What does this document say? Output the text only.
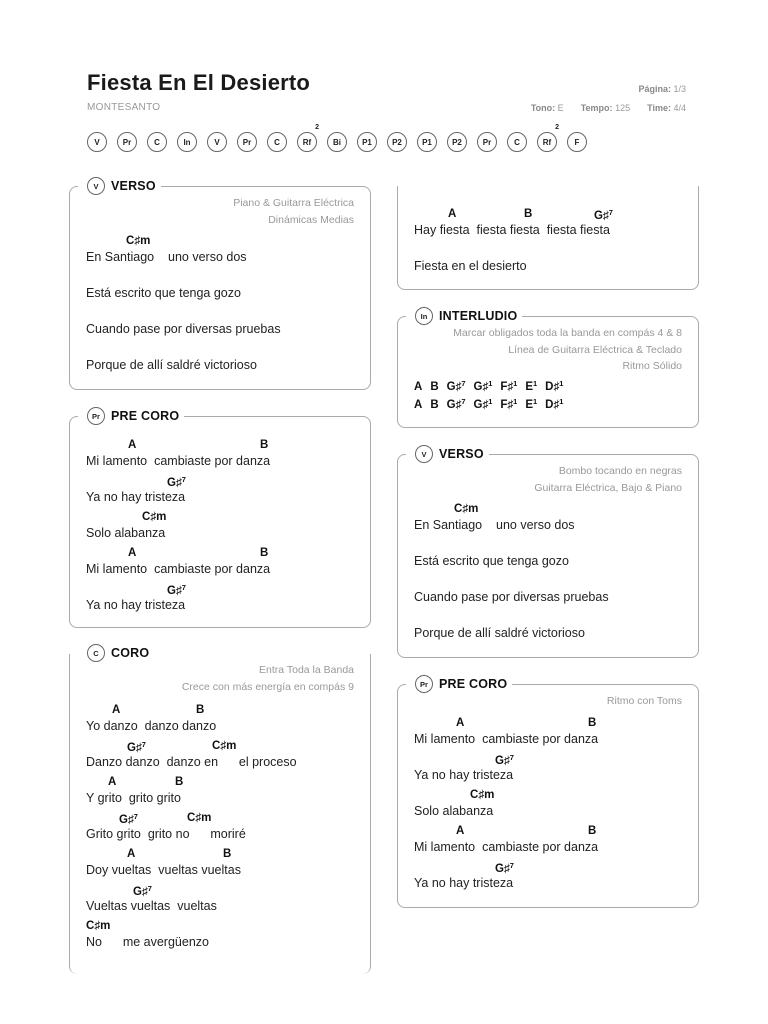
Fiesta En El Desierto
MONTESANTO
Página: 1/3
Tono: E Tempo: 125 Time: 4/4
V	Pr	C	In	V	Pr	C	Rf
2
Bi	P1	P2	P1	P2	Pr	C	Rf
2
F
V	VERSO
Piano & Guitarra Eléctrica
Dinámicas Medias
C♯m
En Santiago    uno verso dos
Está escrito que tenga gozo
Cuando pase por diversas pruebas
Porque de allí saldré victorioso
Pr PRE CORO
A	B
Mi lamento  cambiaste por danza
G♯$^7$
Ya no hay tristeza
C♯m
Solo alabanza
A	B
Mi lamento  cambiaste por danza
G♯$^7$
Ya no hay tristeza
C CORO
Entra Toda la Banda
Crece con más energía en compás 9
A	B
Yo danzo  danzo danzo
G♯$^7$	C♯m
Danzo danzo  danzo en      el proceso
A	B
Y grito  grito grito
G♯$^7$	C♯m
Grito grito  grito no      moriré
A	B
Doy vueltas  vueltas vueltas
G♯$^7$
Vueltas vueltas  vueltas
C♯m
No      me avergüenzo
A	B	G♯$^7$
Hay fiesta  fiesta fiesta  fiesta fiesta
Fiesta en el desierto
In INTERLUDIO
Marcar obligados toda la banda en compás 4 & 8
Línea de Guitarra Eléctrica & Teclado
Ritmo Sólido
A B G♯$^7$ G♯$^1$ F♯$^1$ $E^1$ D♯$^1$
A B G♯$^7$ G♯$^1$ F♯$^1$ $E^1$ D♯$^1$
V	VERSO
Bombo tocando en negras
Guitarra Eléctrica, Bajo & Piano
C♯m
En Santiago    uno verso dos
Está escrito que tenga gozo
Cuando pase por diversas pruebas
Porque de allí saldré victorioso
Pr PRE CORO
Ritmo con Toms
A	B
Mi lamento  cambiaste por danza
G♯$^7$
Ya no hay tristeza
C♯m
Solo alabanza
A	B
Mi lamento  cambiaste por danza
G♯$^7$
Ya no hay tristeza
